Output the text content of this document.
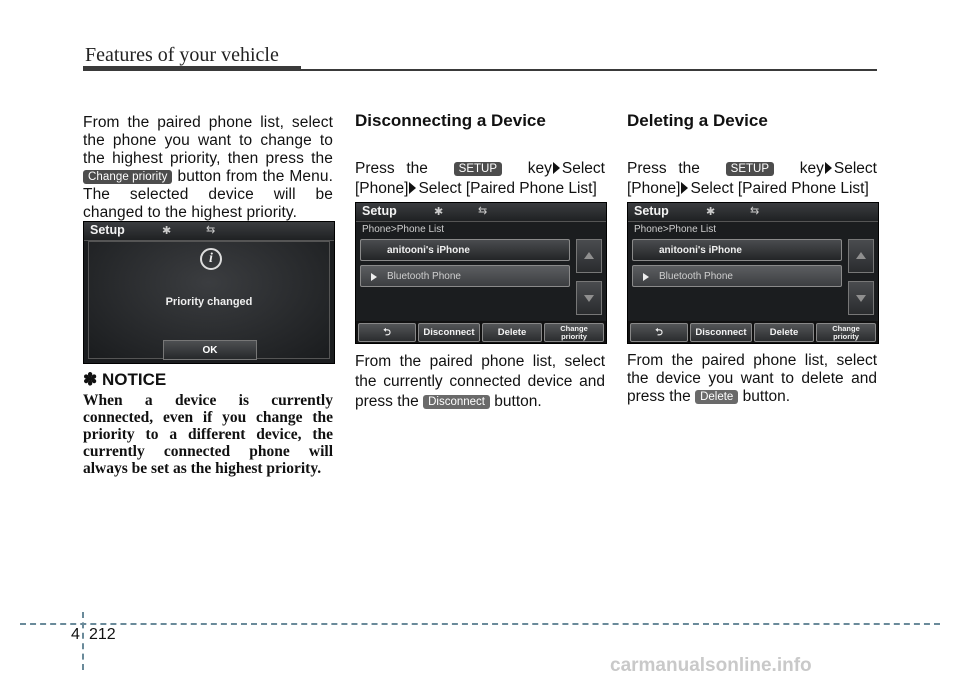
Features of your vehicle
From the paired phone list, select the phone you want to change to the highest priority, then press the Change priority button from the Menu. The selected device will be changed to the highest priority.
Setup	✱	⇆
i
Priority changed
OK
✽ NOTICE
When a device is currently connected, even if you change the priority to a different device, the currently connected phone will always be set as the highest priority.
Disconnecting a Device
Press the	SETUP key Select [Phone] Select [Paired Phone List]
Setup	✱	⇆
Phone>Phone List
anitooni's iPhone
Bluetooth Phone
⮌	Disconnect	Delete	Change
priority
From the paired phone list, select the currently connected device and press the Disconnect button.
Deleting a Device
Press the	SETUP key Select [Phone] Select [Paired Phone List]
Setup	✱	⇆
Phone>Phone List
anitooni's iPhone
Bluetooth Phone
⮌	Disconnect	Delete	Change
priority
From the paired phone list, select the device you want to delete and press the Delete button.
4 212
carmanualsonline.info
